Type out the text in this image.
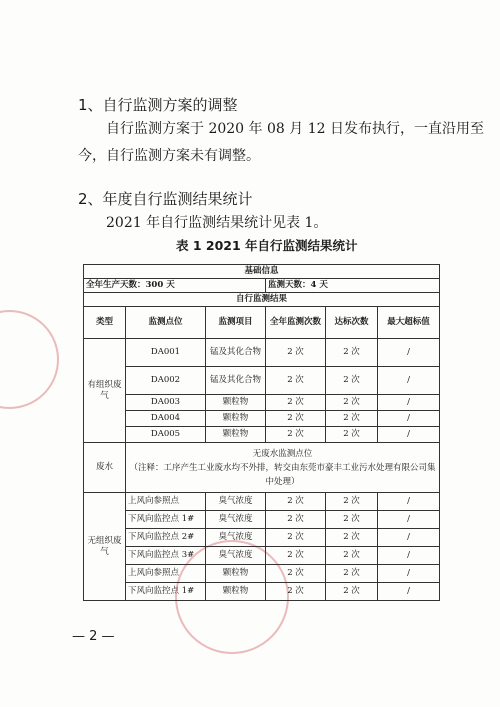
1、自行监测方案的调整
自行监测方案于 2020 年 08 月 12 日发布执行，一直沿用至
今，自行监测方案未有调整。
2、年度自行监测结果统计
2021 年自行监测结果统计见表 1。
表 1 2021 年自行监测结果统计
基础信息					
全年生产天数：300 天			监测天数：4 天		
自行监测结果					
类型	监测点位	监测项目	全年监测次数	达标次数	最大超标值
有组织废气	DA001	锰及其化合物	2 次	2 次	/
	DA002	锰及其化合物	2 次	2 次	/
	DA003	颗粒物	2 次	2 次	/
	DA004	颗粒物	2 次	2 次	/
	DA005	颗粒物	2 次	2 次	/
废水	无废水监测点位
（注释：工序产生工业废水均不外排，转交由东莞市豪丰工业污水处理有限公司集中处理）				

无组织废气	上风向参照点	臭气浓度	2 次	2 次	/
	下风向监控点 1#	臭气浓度	2 次	2 次	/
	下风向监控点 2#	臭气浓度	2 次	2 次	/
	下风向监控点 3#	臭气浓度	2 次	2 次	/
	上风向参照点	颗粒物	2 次	2 次	/
	下风向监控点 1#	颗粒物	2 次	2 次	/
— 2 —
